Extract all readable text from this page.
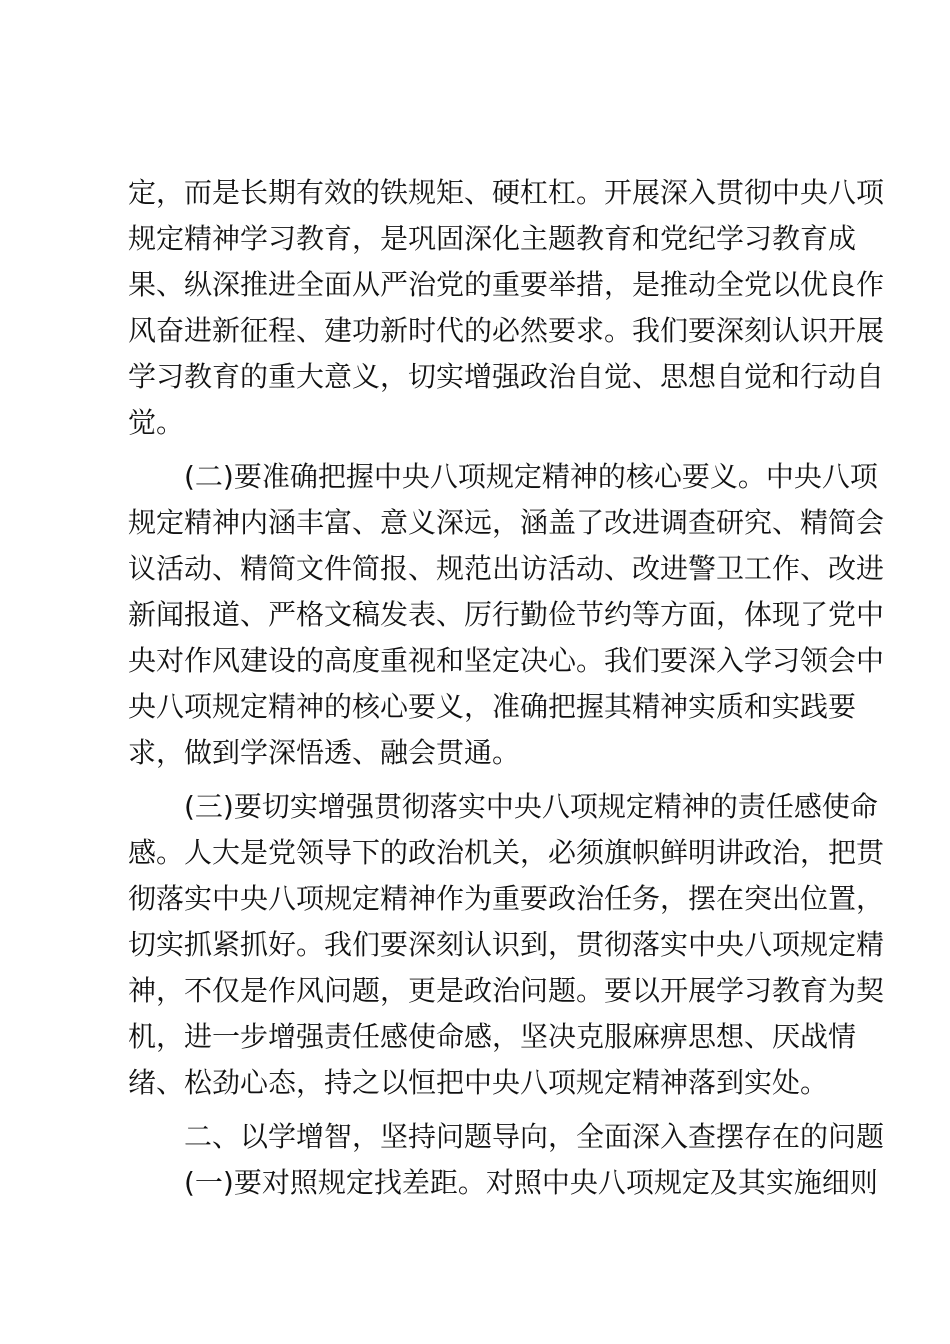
定，而是长期有效的铁规矩、硬杠杠。开展深入贯彻中央八项
规定精神学习教育，是巩固深化主题教育和党纪学习教育成
果、纵深推进全面从严治党的重要举措，是推动全党以优良作
风奋进新征程、建功新时代的必然要求。我们要深刻认识开展
学习教育的重大意义，切实增强政治自觉、思想自觉和行动自
觉。
(二)要准确把握中央八项规定精神的核心要义。中央八项
规定精神内涵丰富、意义深远，涵盖了改进调查研究、精简会
议活动、精简文件简报、规范出访活动、改进警卫工作、改进
新闻报道、严格文稿发表、厉行勤俭节约等方面，体现了党中
央对作风建设的高度重视和坚定决心。我们要深入学习领会中
央八项规定精神的核心要义，准确把握其精神实质和实践要
求，做到学深悟透、融会贯通。
(三)要切实增强贯彻落实中央八项规定精神的责任感使命
感。人大是党领导下的政治机关，必须旗帜鲜明讲政治，把贯
彻落实中央八项规定精神作为重要政治任务，摆在突出位置，
切实抓紧抓好。我们要深刻认识到，贯彻落实中央八项规定精
神，不仅是作风问题，更是政治问题。要以开展学习教育为契
机，进一步增强责任感使命感，坚决克服麻痹思想、厌战情
绪、松劲心态，持之以恒把中央八项规定精神落到实处。
二、以学增智，坚持问题导向，全面深入查摆存在的问题
(一)要对照规定找差距。对照中央八项规定及其实施细则
